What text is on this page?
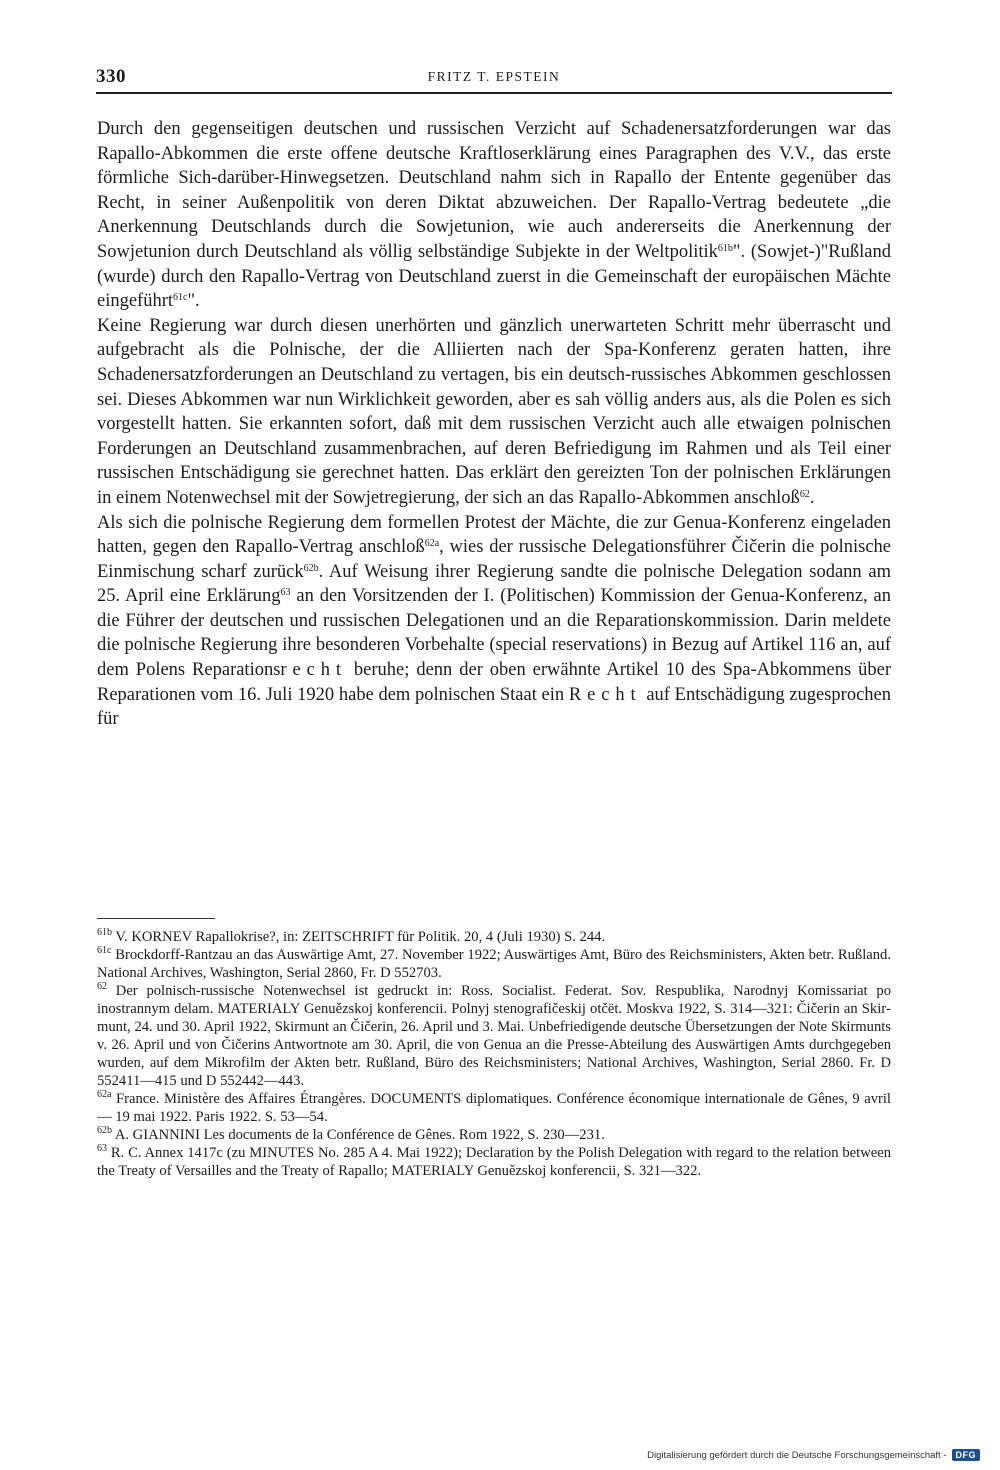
330	FRITZ T. EPSTEIN

Durch den gegenseitigen deutschen und russischen Verzicht auf Schadenersatzforderungen war das Rapallo-Abkommen die erste offene deutsche Kraftloserklärung eines Paragraphen des V.V., das erste förmliche Sich-darüber-Hinwegsetzen. Deutschland nahm sich in Rapallo der Entente gegenüber das Recht, in seiner Außenpolitik von deren Diktat abzuweichen. Der Rapallo-Vertrag bedeutete „die Anerkennung Deutschlands durch die Sowjetunion, wie auch andererseits die Anerkennung der Sowjetunion durch Deutschland als völlig selbständige Subjekte in der Weltpolitik$^{61b}$". (Sowjet-)"Rußland (wurde) durch den Rapallo-Vertrag von Deutschland zuerst in die Gemeinschaft der europäischen Mächte eingeführt$^{61c}$".

Keine Regierung war durch diesen unerhörten und gänzlich unerwarteten Schritt mehr überrascht und aufgebracht als die Polnische, der die Alliierten nach der Spa-Konferenz geraten hatten, ihre Schadenersatzforderungen an Deutschland zu vertagen, bis ein deutsch-russisches Abkommen geschlossen sei. Dieses Abkommen war nun Wirklichkeit geworden, aber es sah völlig anders aus, als die Polen es sich vorgestellt hatten. Sie erkannten sofort, daß mit dem russischen Verzicht auch alle etwaigen polnischen Forderungen an Deutschland zusammenbrachen, auf deren Befriedigung im Rahmen und als Teil einer russischen Entschädigung sie gerechnet hatten. Das erklärt den gereizten Ton der polnischen Erklärungen in einem Notenwechsel mit der Sowjetregierung, der sich an das Rapallo-Abkommen anschloß$^{62}$.

Als sich die polnische Regierung dem formellen Protest der Mächte, die zur Genua-Konferenz eingeladen hatten, gegen den Rapallo-Vertrag anschloß$^{62a}$, wies der russische Delegationsführer Čičerin die polnische Einmischung scharf zurück$^{62b}$. Auf Weisung ihrer Regierung sandte die polnische Delegation sodann am 25. April eine Erklärung$^{63}$ an den Vorsitzenden der I. (Politischen) Kommission der Genua-Konferenz, an die Führer der deutschen und russischen Delegationen und an die Reparationskommission. Darin meldete die polnische Regierung ihre besonderen Vorbehalte (special reservations) in Bezug auf Artikel 116 an, auf dem Polens Reparationsrecht beruhe; denn der oben erwähnte Artikel 10 des Spa-Abkommens über Reparationen vom 16. Juli 1920 habe dem polnischen Staat ein Recht auf Entschädigung zugesprochen für

$^{61b}$ V. KORNEV Rapallokrise?, in: ZEITSCHRIFT für Politik. 20, 4 (Juli 1930) S. 244.

$^{61c}$ Brockdorff-Rantzau an das Auswärtige Amt, 27. November 1922; Auswärtiges Amt, Büro des Reichsministers, Akten betr. Rußland. National Archives, Washington, Serial 2860, Fr. D 552703.

$^{62}$ Der polnisch-russische Notenwechsel ist gedruckt in: Ross. Socialist. Federat. Sov. Respublika, Narodnyj Komissariat po inostrannym delam. MATERIALY Genuězskoj konferencii. Polnyj stenografičeskij otčët. Moskva 1922, S. 314—321: Čičerin an Skirmunt, 24. und 30. April 1922, Skirmunt an Čičerin, 26. April und 3. Mai. Unbefriedigende deutsche Übersetzungen der Note Skirmunts v. 26. April und von Čičerins Antwortnote am 30. April, die von Genua an die Presse-Abteilung des Auswärtigen Amts durchgegeben wurden, auf dem Mikrofilm der Akten betr. Rußland, Büro des Reichsministers; National Archives, Washington, Serial 2860. Fr. D 552411—415 und D 552442—443.

$^{62a}$ France. Ministère des Affaires Étrangères. DOCUMENTS diplomatiques. Conférence économique internationale de Gênes, 9 avril — 19 mai 1922. Paris 1922. S. 53—54.

$^{62b}$ A. GIANNINI Les documents de la Conférence de Gênes. Rom 1922, S. 230—231.

$^{63}$ R. C. Annex 1417c (zu MINUTES No. 285 A 4. Mai 1922); Declaration by the Polish Delegation with regard to the relation between the Treaty of Versailles and the Treaty of Rapallo; MATERIALY Genuězskoj konferencii, S. 321—322.

Digitalisierung gefördert durch die Deutsche Forschungsgemeinschaft -	DFG
